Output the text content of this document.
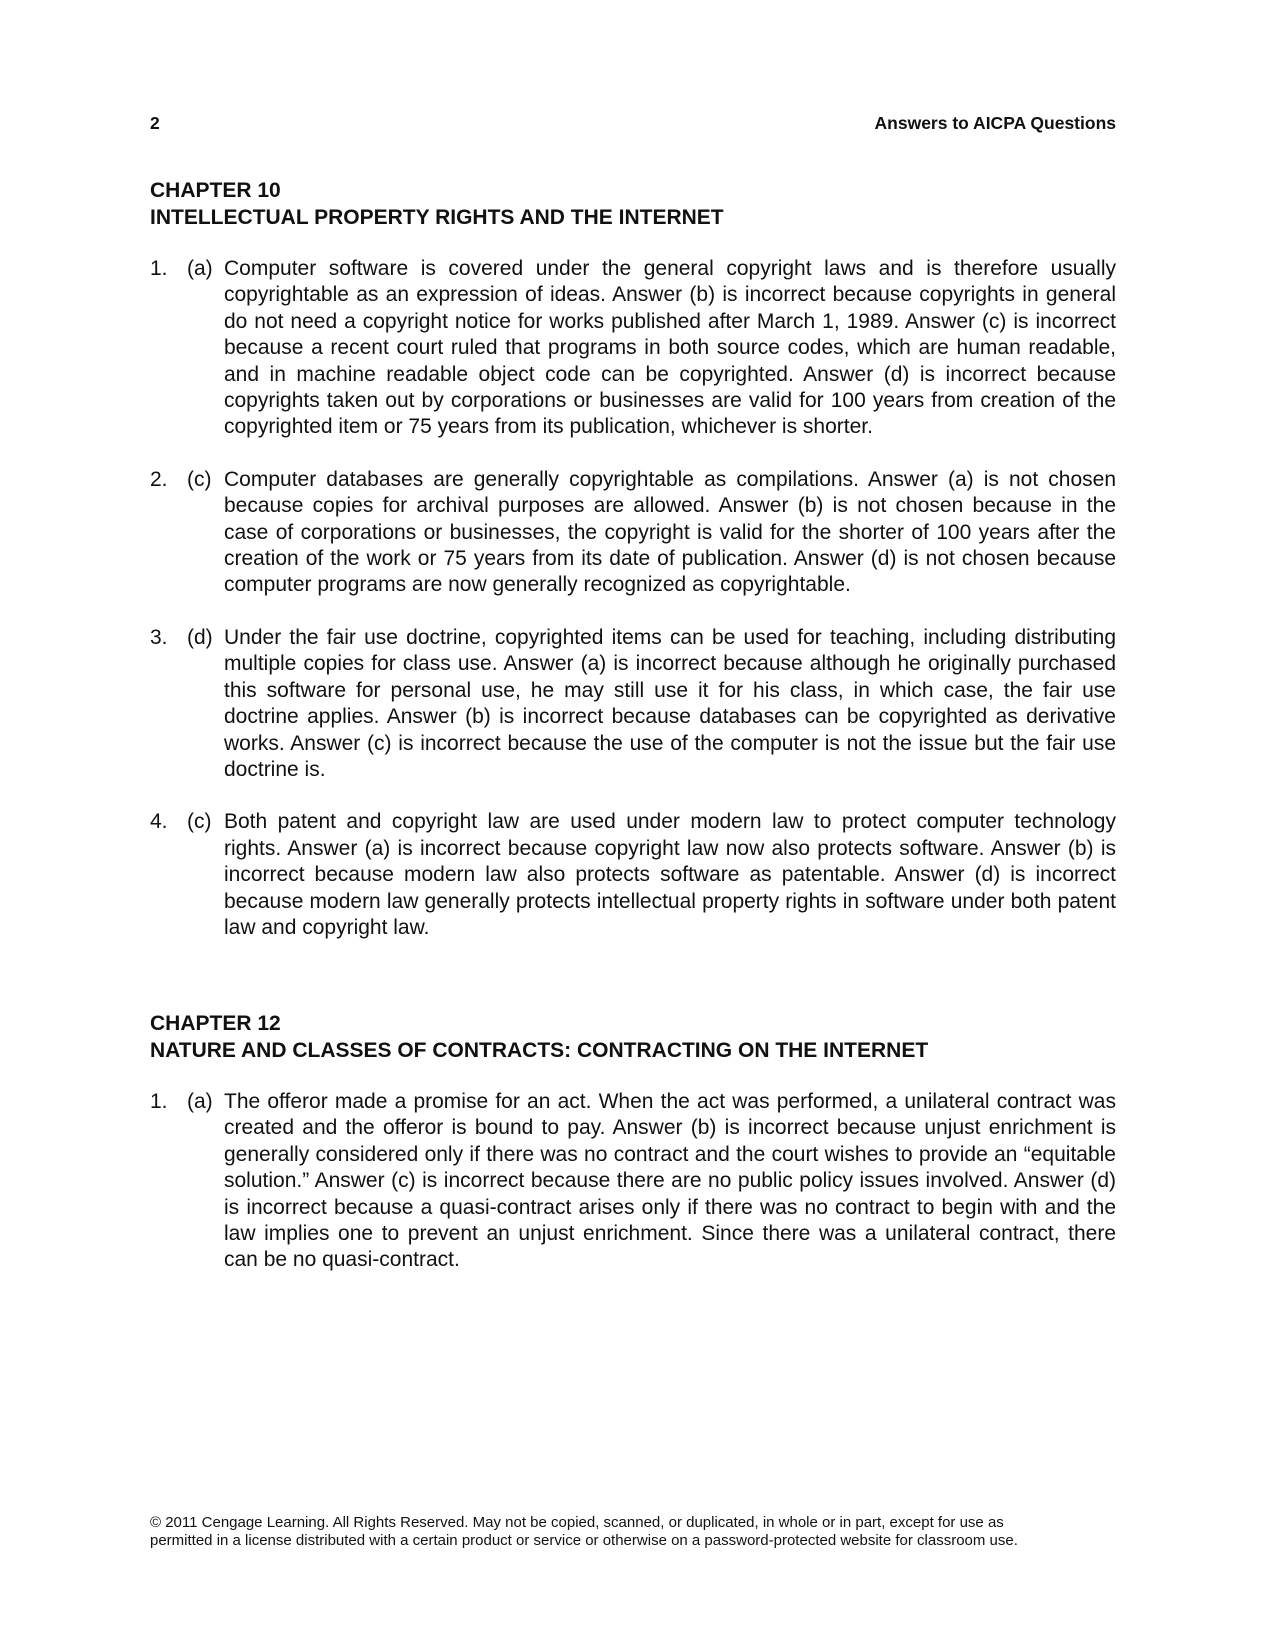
2	Answers to AICPA Questions
CHAPTER 10
INTELLECTUAL PROPERTY RIGHTS AND THE INTERNET
1. (a) Computer software is covered under the general copyright laws and is therefore usually copyrightable as an expression of ideas. Answer (b) is incorrect because copyrights in general do not need a copyright notice for works published after March 1, 1989. Answer (c) is incorrect because a recent court ruled that programs in both source codes, which are human readable, and in machine readable object code can be copyrighted. Answer (d) is incorrect because copyrights taken out by corporations or businesses are valid for 100 years from creation of the copyrighted item or 75 years from its publication, whichever is shorter.
2. (c) Computer databases are generally copyrightable as compilations. Answer (a) is not chosen because copies for archival purposes are allowed. Answer (b) is not chosen because in the case of corporations or businesses, the copyright is valid for the shorter of 100 years after the creation of the work or 75 years from its date of publication. Answer (d) is not chosen because computer programs are now generally recognized as copyrightable.
3. (d) Under the fair use doctrine, copyrighted items can be used for teaching, including distributing multiple copies for class use. Answer (a) is incorrect because although he originally purchased this software for personal use, he may still use it for his class, in which case, the fair use doctrine applies. Answer (b) is incorrect because databases can be copyrighted as derivative works. Answer (c) is incorrect because the use of the computer is not the issue but the fair use doctrine is.
4. (c) Both patent and copyright law are used under modern law to protect computer technology rights. Answer (a) is incorrect because copyright law now also protects software. Answer (b) is incorrect because modern law also protects software as patentable. Answer (d) is incorrect because modern law generally protects intellectual property rights in software under both patent law and copyright law.
CHAPTER 12
NATURE AND CLASSES OF CONTRACTS: CONTRACTING ON THE INTERNET
1. (a) The offeror made a promise for an act. When the act was performed, a unilateral contract was created and the offeror is bound to pay. Answer (b) is incorrect because unjust enrichment is generally considered only if there was no contract and the court wishes to provide an “equitable solution.” Answer (c) is incorrect because there are no public policy issues involved. Answer (d) is incorrect because a quasi-contract arises only if there was no contract to begin with and the law implies one to prevent an unjust enrichment. Since there was a unilateral contract, there can be no quasi-contract.
© 2011 Cengage Learning. All Rights Reserved. May not be copied, scanned, or duplicated, in whole or in part, except for use as
permitted in a license distributed with a certain product or service or otherwise on a password-protected website for classroom use.
